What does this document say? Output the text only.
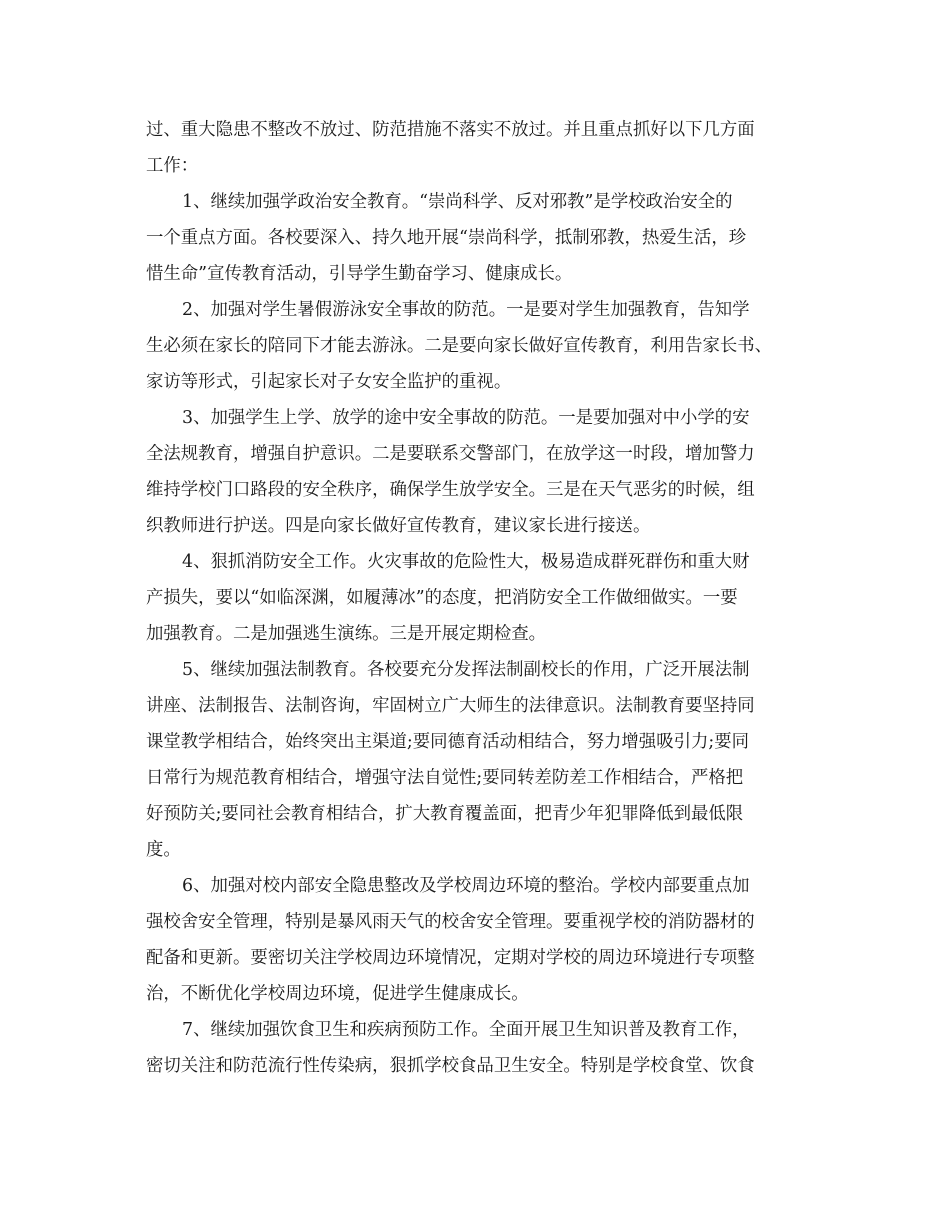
过、重大隐患不整改不放过、防范措施不落实不放过。并且重点抓好以下几方面
工作：
1、继续加强学政治安全教育。“崇尚科学、反对邪教”是学校政治安全的
一个重点方面。各校要深入、持久地开展“崇尚科学，抵制邪教，热爱生活，珍
惜生命”宣传教育活动，引导学生勤奋学习、健康成长。
2、加强对学生暑假游泳安全事故的防范。一是要对学生加强教育，告知学
生必须在家长的陪同下才能去游泳。二是要向家长做好宣传教育，利用告家长书、
家访等形式，引起家长对子女安全监护的重视。
3、加强学生上学、放学的途中安全事故的防范。一是要加强对中小学的安
全法规教育，增强自护意识。二是要联系交警部门，在放学这一时段，增加警力
维持学校门口路段的安全秩序，确保学生放学安全。三是在天气恶劣的时候，组
织教师进行护送。四是向家长做好宣传教育，建议家长进行接送。
4、狠抓消防安全工作。火灾事故的危险性大，极易造成群死群伤和重大财
产损失，要以“如临深渊，如履薄冰”的态度，把消防安全工作做细做实。一要
加强教育。二是加强逃生演练。三是开展定期检查。
5、继续加强法制教育。各校要充分发挥法制副校长的作用，广泛开展法制
讲座、法制报告、法制咨询，牢固树立广大师生的法律意识。法制教育要坚持同
课堂教学相结合，始终突出主渠道;要同德育活动相结合，努力增强吸引力;要同
日常行为规范教育相结合，增强守法自觉性;要同转差防差工作相结合，严格把
好预防关;要同社会教育相结合，扩大教育覆盖面，把青少年犯罪降低到最低限
度。
6、加强对校内部安全隐患整改及学校周边环境的整治。学校内部要重点加
强校舍安全管理，特别是暴风雨天气的校舍安全管理。要重视学校的消防器材的
配备和更新。要密切关注学校周边环境情况，定期对学校的周边环境进行专项整
治，不断优化学校周边环境，促进学生健康成长。
7、继续加强饮食卫生和疾病预防工作。全面开展卫生知识普及教育工作，
密切关注和防范流行性传染病，狠抓学校食品卫生安全。特别是学校食堂、饮食
